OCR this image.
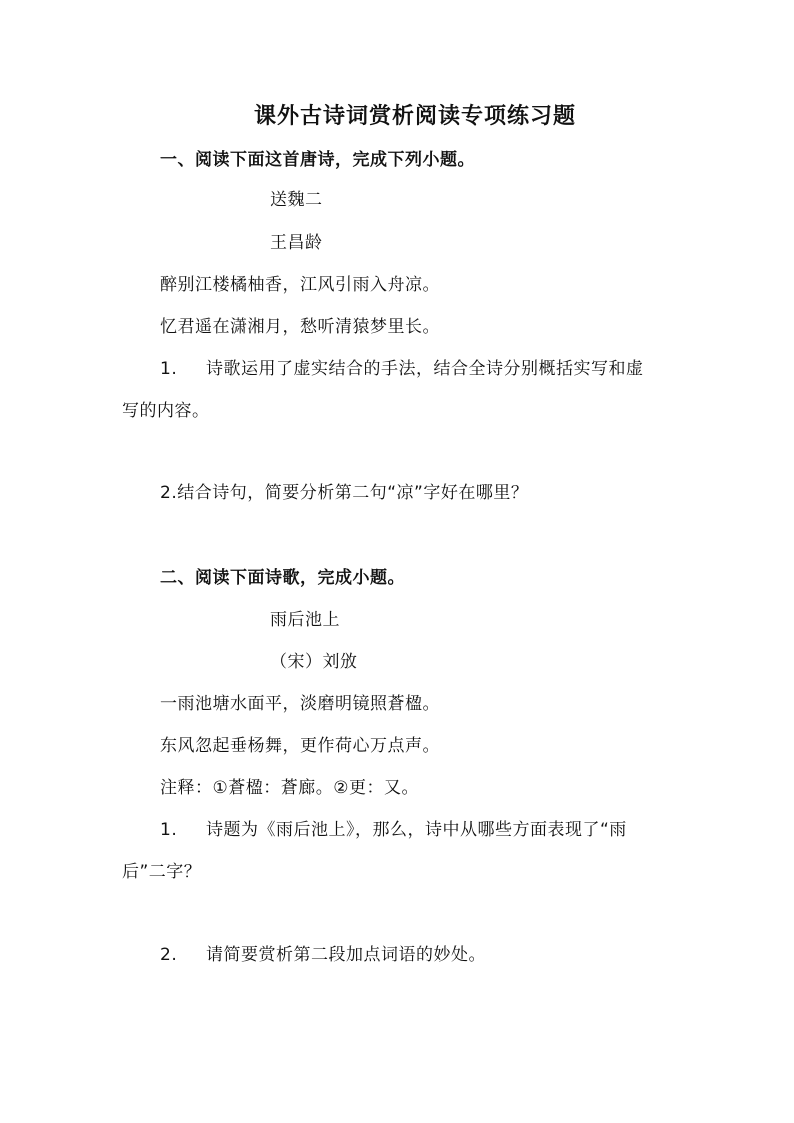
课外古诗词赏析阅读专项练习题
一、阅读下面这首唐诗，完成下列小题。
送魏二
王昌龄
醉别江楼橘柚香，江风引雨入舟凉。
忆君遥在潇湘月，愁听清猿梦里长。
1. 诗歌运用了虚实结合的手法，结合全诗分别概括实写和虚
写的内容。
2.结合诗句，简要分析第二句“凉”字好在哪里？
二、阅读下面诗歌，完成小题。
雨后池上
（宋）刘攽
一雨池塘水面平，淡磨明镜照蒼楹。
东风忽起垂杨舞，更作荷心万点声。
注释：①蒼楹：蒼廊。②更：又。
1. 诗题为《雨后池上》，那么，诗中从哪些方面表现了“雨
后”二字？
2. 请简要赏析第二段加点词语的妙处。
